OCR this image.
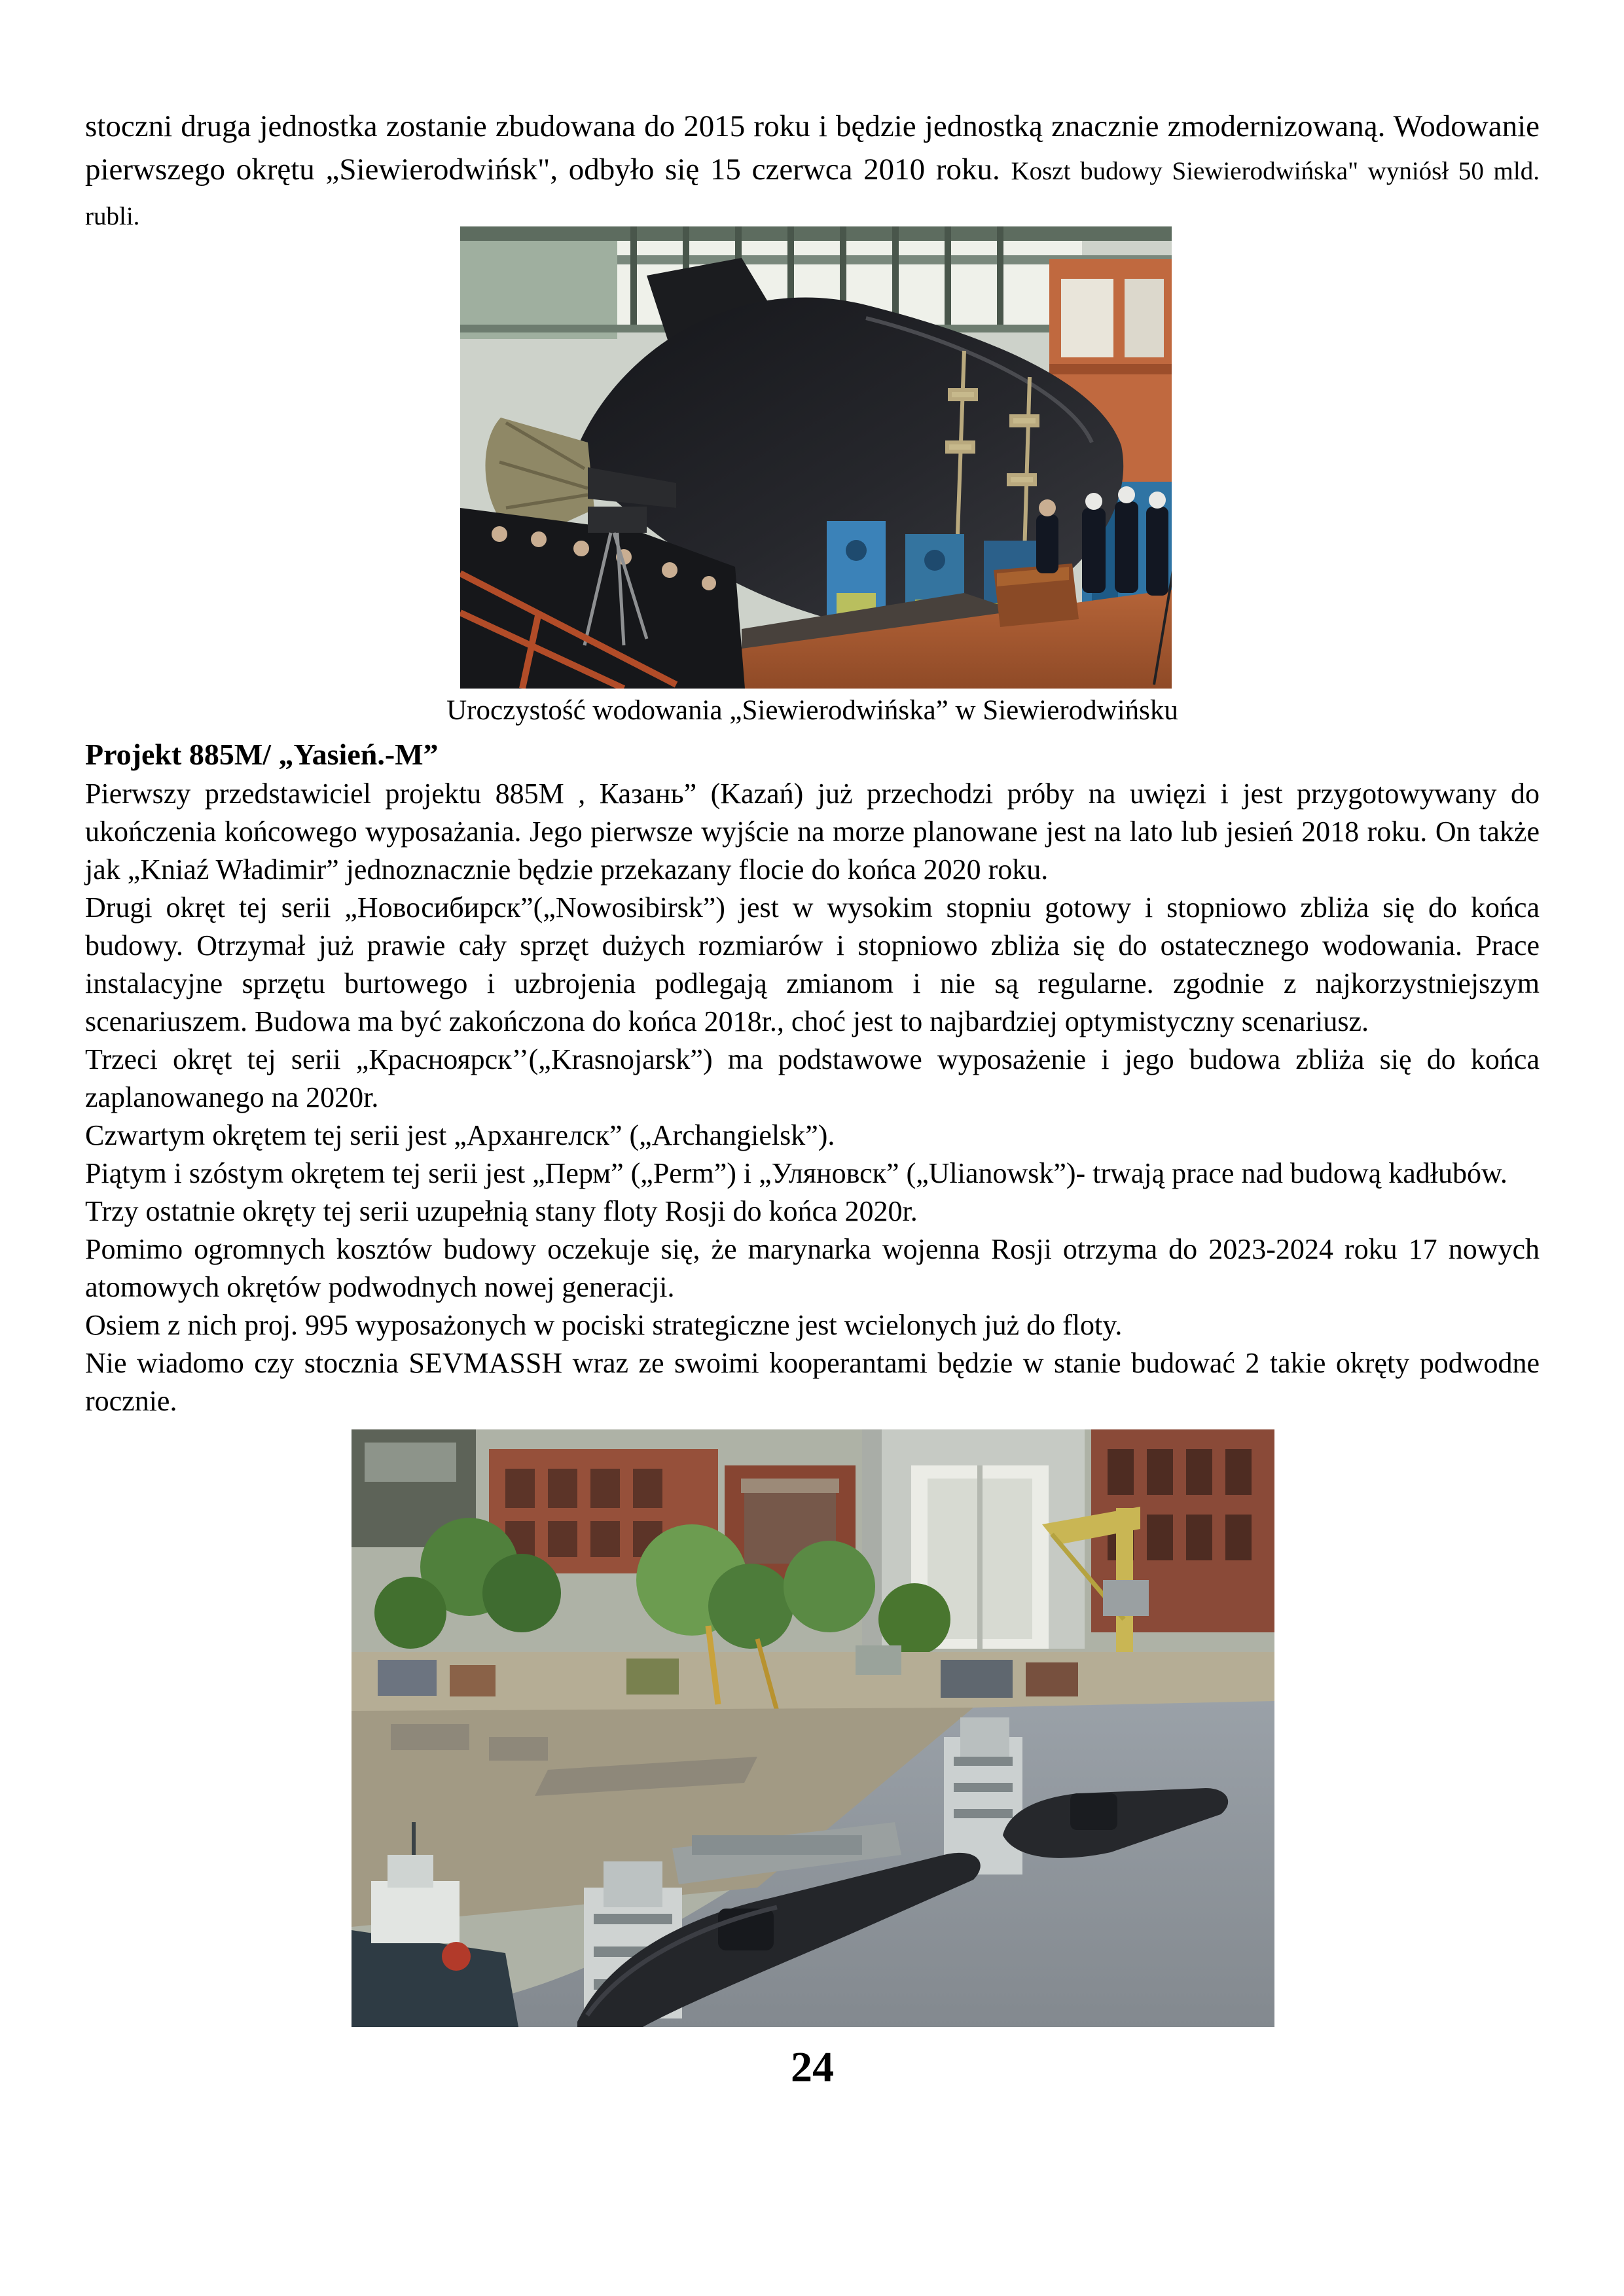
stoczni druga jednostka zostanie zbudowana do 2015 roku i będzie jednostką znacznie zmodernizowaną. Wodowanie pierwszego okrętu „Siewierodwińsk", odbyło się 15 czerwca 2010 roku. Koszt budowy Siewierodwińska" wyniósł 50 mld. rubli.

Uroczystość wodowania „Siewierodwińska” w Siewierodwińsku
Projekt 885M/ „Yasień.-M”

Pierwszy przedstawiciel projektu 885M , Казань” (Kazań) już przechodzi próby na uwięzi i jest przygotowywany do ukończenia końcowego wyposażania. Jego pierwsze wyjście na morze planowane jest na lato lub jesień 2018 roku. On także jak „Kniaź Władimir” jednoznacznie będzie przekazany flocie do końca 2020 roku.

Drugi okręt tej serii „Новосибирск”(„Nowosibirsk”) jest w wysokim stopniu gotowy i stopniowo zbliża się do końca budowy. Otrzymał już prawie cały sprzęt dużych rozmiarów i stopniowo zbliża się do ostatecznego wodowania. Prace instalacyjne sprzętu burtowego i uzbrojenia podlegają zmianom i nie są regularne. zgodnie z najkorzystniejszym scenariuszem. Budowa ma być zakończona do końca 2018r., choć jest to najbardziej optymistyczny scenariusz.

Trzeci okręt tej serii „Красноярск’’(„Krasnojarsk”) ma podstawowe wyposażenie i jego budowa zbliża się do końca zaplanowanego na 2020r.

Czwartym okrętem tej serii jest „Архангелск” („Archangielsk”).

Piątym i szóstym okrętem tej serii jest „Перм” („Perm”) i „Уляновск” („Ulianowsk”)- trwają prace nad budową kadłubów.

Trzy ostatnie okręty tej serii uzupełnią stany floty Rosji do końca 2020r.

Pomimo ogromnych kosztów budowy oczekuje się, że marynarka wojenna Rosji otrzyma do 2023-2024 roku 17 nowych atomowych okrętów podwodnych nowej generacji.

Osiem z nich proj. 995 wyposażonych w pociski strategiczne jest wcielonych już do floty.

Nie wiadomo czy stocznia SEVMASSH wraz ze swoimi kooperantami będzie w stanie budować 2 takie okręty podwodne rocznie.

24
